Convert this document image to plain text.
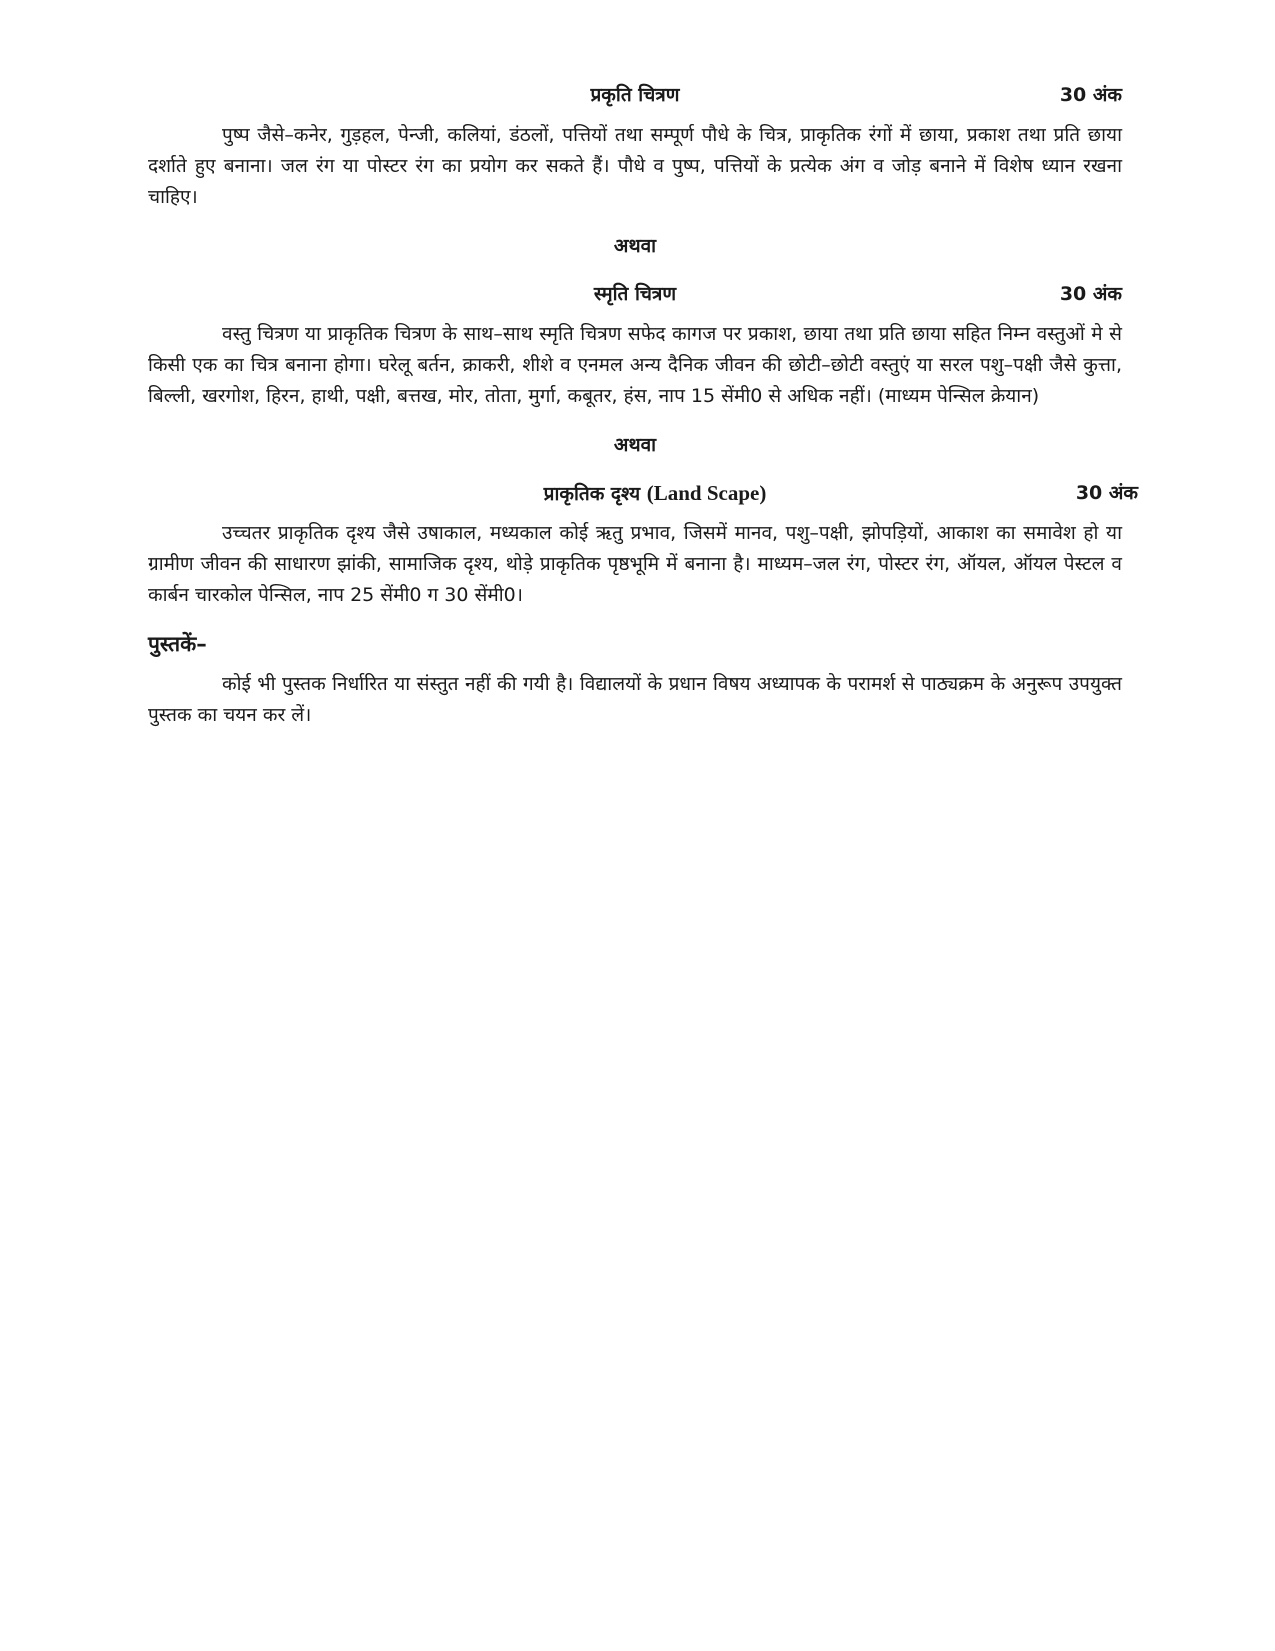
प्रकृति चित्रण	30 अंक

पुष्प जैसे–कनेर, गुड़हल, पेन्जी, कलियां, डंठलों, पत्तियों तथा सम्पूर्ण पौधे के चित्र, प्राकृतिक रंगों में छाया, प्रकाश तथा प्रति छाया दर्शाते हुए बनाना। जल रंग या पोस्टर रंग का प्रयोग कर सकते हैं। पौधे व पुष्प, पत्तियों के प्रत्येक अंग व जोड़ बनाने में विशेष ध्यान रखना चाहिए।

अथवा
स्मृति चित्रण	30 अंक

वस्तु चित्रण या प्राकृतिक चित्रण के साथ–साथ स्मृति चित्रण सफेद कागज पर प्रकाश, छाया तथा प्रति छाया सहित निम्न वस्तुओं मे से किसी एक का चित्र बनाना होगा। घरेलू बर्तन, क्राकरी, शीशे व एनमल अन्य दैनिक जीवन की छोटी–छोटी वस्तुएं या सरल पशु–पक्षी जैसे कुत्ता, बिल्ली, खरगोश, हिरन, हाथी, पक्षी, बत्तख, मोर, तोता, मुर्गा, कबूतर, हंस, नाप 15 सेंमी0 से अधिक नहीं। (माध्यम पेन्सिल क्रेयान)

अथवा
प्राकृतिक दृश्य (Land Scape)	30 अंक

उच्चतर प्राकृतिक दृश्य जैसे उषाकाल, मध्यकाल कोई ऋतु प्रभाव, जिसमें मानव, पशु–पक्षी, झोपड़ियों, आकाश का समावेश हो या ग्रामीण जीवन की साधारण झांकी, सामाजिक दृश्य, थोड़े प्राकृतिक पृष्ठभूमि में बनाना है। माध्यम–जल रंग, पोस्टर रंग, ऑयल, ऑयल पेस्टल व कार्बन चारकोल पेन्सिल, नाप 25 सेंमी0 ग 30 सेंमी0।

पुस्तकें–

कोई भी पुस्तक निर्धारित या संस्तुत नहीं की गयी है। विद्यालयों के प्रधान विषय अध्यापक के परामर्श से पाठ्यक्रम के अनुरूप उपयुक्त पुस्तक का चयन कर लें।
